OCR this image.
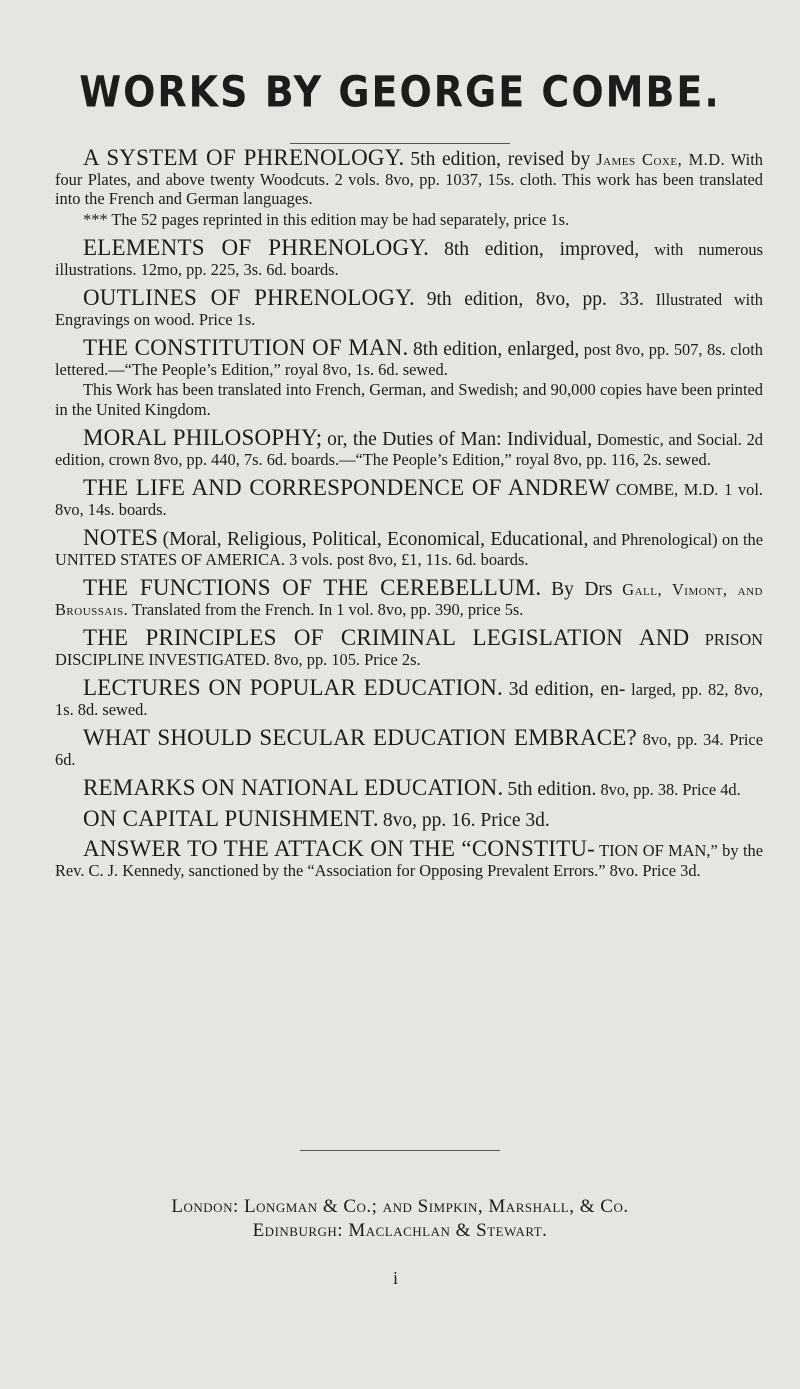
WORKS BY GEORGE COMBE.

A SYSTEM OF PHRENOLOGY. 5th edition, revised by James Coxe, M.D. With four Plates, and above twenty Woodcuts. 2 vols. 8vo, pp. 1037, 15s. cloth. This work has been translated into the French and German languages.

*** The 52 pages reprinted in this edition may be had separately, price 1s.

ELEMENTS OF PHRENOLOGY. 8th edition, improved, with numerous illustrations. 12mo, pp. 225, 3s. 6d. boards.

OUTLINES OF PHRENOLOGY. 9th edition, 8vo, pp. 33. Illustrated with Engravings on wood. Price 1s.

THE CONSTITUTION OF MAN. 8th edition, enlarged, post 8vo, pp. 507, 8s. cloth lettered.—“The People’s Edition,” royal 8vo, 1s. 6d. sewed.

This Work has been translated into French, German, and Swedish; and 90,000 copies have been printed in the United Kingdom.

MORAL PHILOSOPHY; or, the Duties of Man: Individual, Domestic, and Social. 2d edition, crown 8vo, pp. 440, 7s. 6d. boards.—“The People’s Edition,” royal 8vo, pp. 116, 2s. sewed.

THE LIFE AND CORRESPONDENCE OF ANDREW COMBE, M.D. 1 vol. 8vo, 14s. boards.

NOTES (Moral, Religious, Political, Economical, Educational, and Phrenological) on the UNITED STATES OF AMERICA. 3 vols. post 8vo, £1, 11s. 6d. boards.

THE FUNCTIONS OF THE CEREBELLUM. By Drs Gall, Vimont, and Broussais. Translated from the French. In 1 vol. 8vo, pp. 390, price 5s.

THE PRINCIPLES OF CRIMINAL LEGISLATION AND PRISON DISCIPLINE INVESTIGATED. 8vo, pp. 105. Price 2s.

LECTURES ON POPULAR EDUCATION. 3d edition, en- larged, pp. 82, 8vo, 1s. 8d. sewed.

WHAT SHOULD SECULAR EDUCATION EMBRACE? 8vo, pp. 34. Price 6d.

REMARKS ON NATIONAL EDUCATION. 5th edition. 8vo, pp. 38. Price 4d.

ON CAPITAL PUNISHMENT. 8vo, pp. 16. Price 3d.

ANSWER TO THE ATTACK ON THE “CONSTITU- TION OF MAN,” by the Rev. C. J. Kennedy, sanctioned by the “Association for Opposing Prevalent Errors.” 8vo. Price 3d.

London: Longman & Co.; and Simpkin, Marshall, & Co.
Edinburgh: Maclachlan & Stewart.
i
